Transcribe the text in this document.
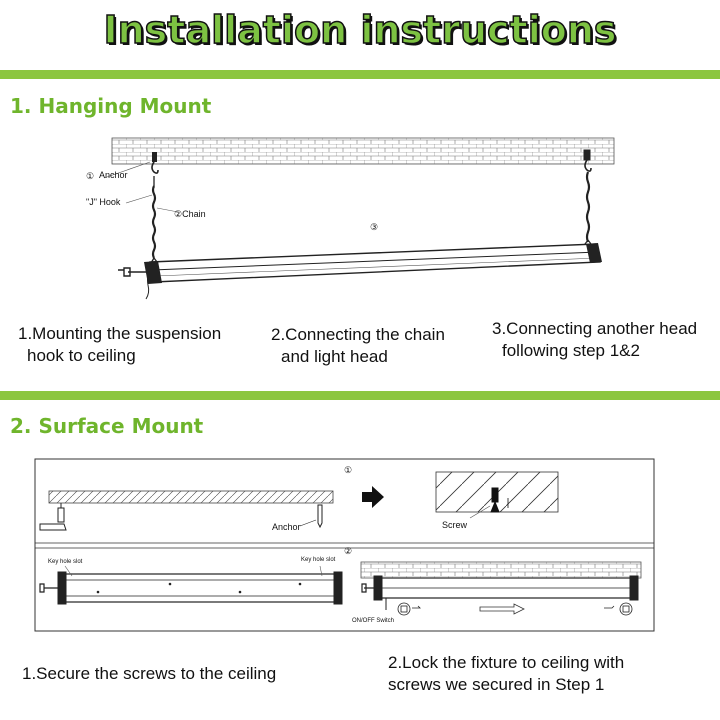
Installation instructions
1. Hanging Mount
① Anchor
"J" Hook
②Chain
③
1.Mounting the suspension
hook to ceiling
2.Connecting the chain
and light head
3.Connecting another head
following step 1&2
2. Surface Mount
①
Anchor	Screw
②
Key hole slot	Key hole slot
ON/OFF Switch
1.Secure the screws to the ceiling
2.Lock the fixture to ceiling with
screws we secured in Step 1
